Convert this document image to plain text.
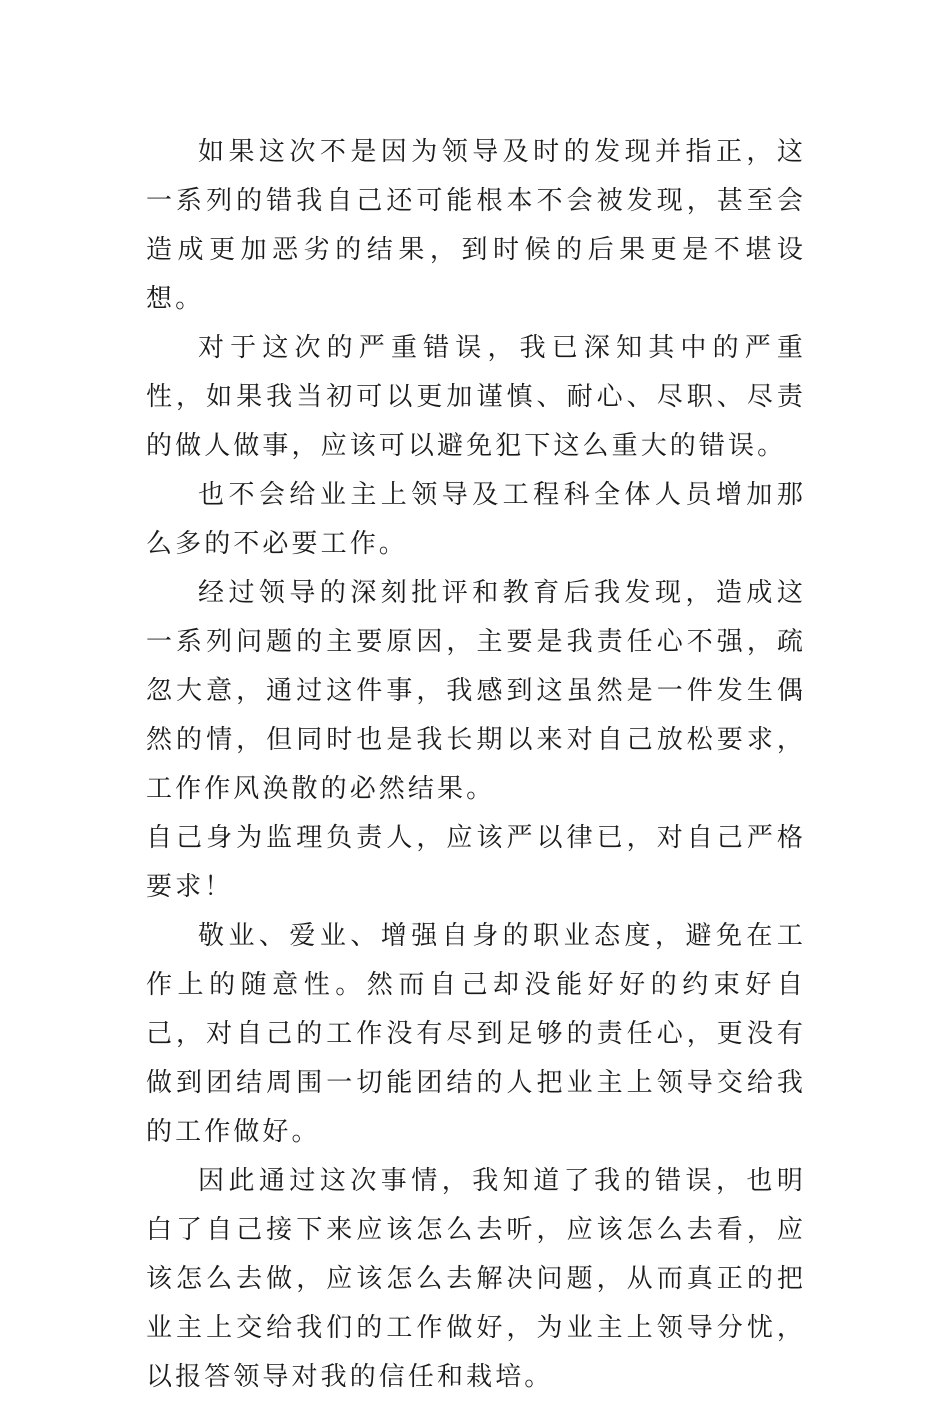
如果这次不是因为领导及时的发现并指正，这一系列的错我自己还可能根本不会被发现，甚至会造成更加恶劣的结果，到时候的后果更是不堪设想。

对于这次的严重错误，我已深知其中的严重性，如果我当初可以更加谨慎、耐心、尽职、尽责的做人做事，应该可以避免犯下这么重大的错误。

也不会给业主上领导及工程科全体人员增加那么多的不必要工作。

经过领导的深刻批评和教育后我发现，造成这一系列问题的主要原因，主要是我责任心不强，疏忽大意，通过这件事，我感到这虽然是一件发生偶然的情，但同时也是我长期以来对自己放松要求，工作作风涣散的必然结果。

自己身为监理负责人，应该严以律已，对自己严格要求！

敬业、爱业、增强自身的职业态度，避免在工作上的随意性。然而自己却没能好好的约束好自己，对自己的工作没有尽到足够的责任心，更没有做到团结周围一切能团结的人把业主上领导交给我的工作做好。

因此通过这次事情，我知道了我的错误，也明白了自己接下来应该怎么去听，应该怎么去看，应该怎么去做，应该怎么去解决问题，从而真正的把业主上交给我们的工作做好，为业主上领导分忧，以报答领导对我的信任和栽培。
